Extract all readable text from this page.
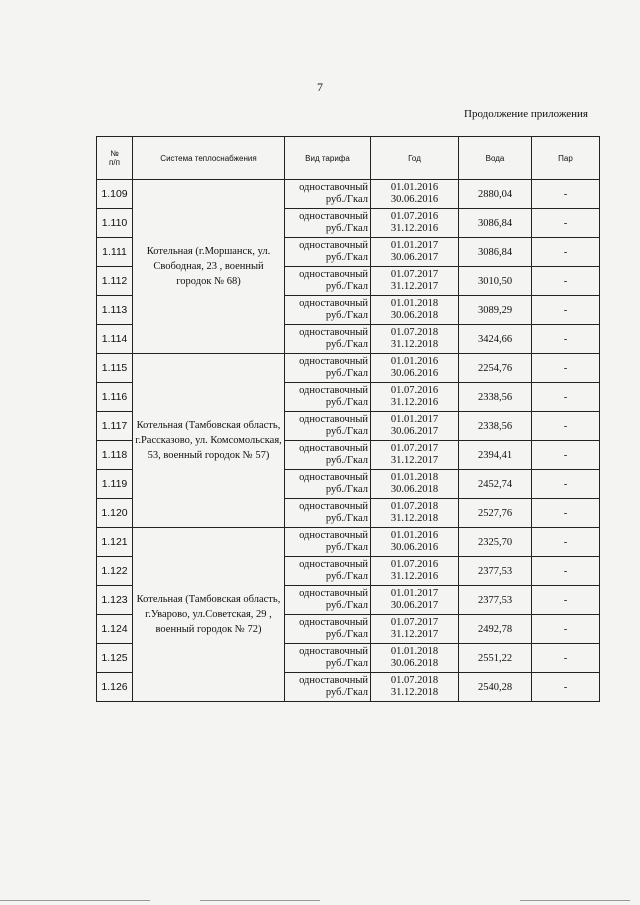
7
Продолжение приложения
№
п/п	Система теплоснабжения	Вид тарифа	Год	Вода	Пар
1.109	Котельная (г.Моршанск, ул. Свободная, 23 , военный городок № 68)	одноставочный
руб./Гкал	01.01.2016
30.06.2016	2880,04	-
1.110		одноставочный
руб./Гкал	01.07.2016
31.12.2016	3086,84	-
1.111		одноставочный
руб./Гкал	01.01.2017
30.06.2017	3086,84	-
1.112		одноставочный
руб./Гкал	01.07.2017
31.12.2017	3010,50	-
1.113		одноставочный
руб./Гкал	01.01.2018
30.06.2018	3089,29	-
1.114		одноставочный
руб./Гкал	01.07.2018
31.12.2018	3424,66	-
1.115	Котельная (Тамбовская область, г.Рассказово, ул. Комсомольская, 53, военный городок № 57)	одноставочный
руб./Гкал	01.01.2016
30.06.2016	2254,76	-
1.116		одноставочный
руб./Гкал	01.07.2016
31.12.2016	2338,56	-
1.117		одноставочный
руб./Гкал	01.01.2017
30.06.2017	2338,56	-
1.118		одноставочный
руб./Гкал	01.07.2017
31.12.2017	2394,41	-
1.119		одноставочный
руб./Гкал	01.01.2018
30.06.2018	2452,74	-
1.120		одноставочный
руб./Гкал	01.07.2018
31.12.2018	2527,76	-
1.121	Котельная (Тамбовская область, г.Уварово, ул.Советская, 29 , военный городок № 72)	одноставочный
руб./Гкал	01.01.2016
30.06.2016	2325,70	-
1.122		одноставочный
руб./Гкал	01.07.2016
31.12.2016	2377,53	-
1.123		одноставочный
руб./Гкал	01.01.2017
30.06.2017	2377,53	-
1.124		одноставочный
руб./Гкал	01.07.2017
31.12.2017	2492,78	-
1.125		одноставочный
руб./Гкал	01.01.2018
30.06.2018	2551,22	-
1.126		одноставочный
руб./Гкал	01.07.2018
31.12.2018	2540,28	-
